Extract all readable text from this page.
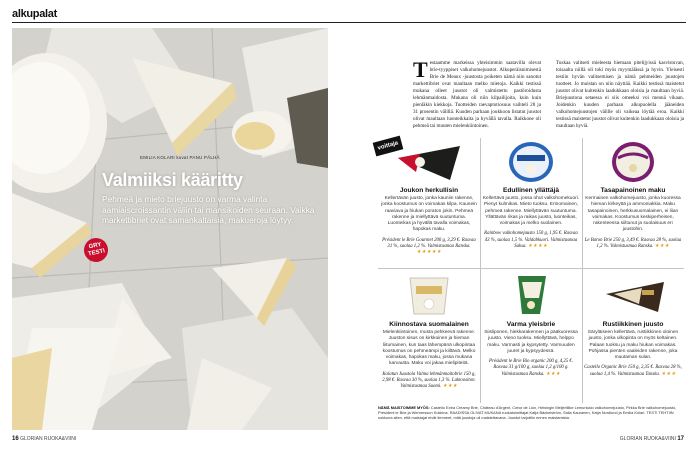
alkupalat
EMILIA KOLARI kuvat PANU PÄLHÄ
Valmiiksi kääritty
Pehmeä ja mieto briejuusto on varma valinta aamiaiscroissantin väliin tai mansikoiden seuraan. Vaikka markettibriet ovat samankaltaisia, makueroja löytyy.
GRY
TESTI
16 GLORIAN RUOKA&VIINI
T estaamme markeissa yhteisimmin saatavilla olevat brie-tyyppiset valkohomejuustot. Alkuperäisnimisestä Brie de Meaux -juustosta poiketen nämä niin sanotut markettibriet ovat maultaan melko mietoja. Kaikki testissä mukana olleet juustot oli valmistettu pastöroidusta lehmänmaidosta. Mukana oli niin kilpailijoita, kuin kuin pienläkin kiekkoja. Tuotteiden raevaptotiosuus vaihteli 28 ja 31 prosentin välillä. Kuuden parhaan joukkoon listatut juustot olivat maultaan luonteikkaita ja hyvällä tavalla. Raikkone oli pehmeä tai muuten mielenkiintoinen.
Tuskaa valitseti mieleesta hiemaan pitelijyissä kasvistuvan, toisaalta niillä oli toki myös myymälässä ja hyvin. Yleisesti testiin hyvän valitsemisen ja nämä pehmeiden juustojen tuotteet. Jo muistan on niin näyttää. Kaikki testissä maistetut juustot olivat kuitenkin laadukkaan oloisia ja maultaan hyviä. Briejuustona setaessa ei siis omeeksi voi mennä vikaan. Joidenkin kuuden parhaan alkupuolella jääneiden valkohomejuustojen välille oli vaikeaa löytää eroa. Kaikki testissä maistetut juustot olivat kuitenkin laadukkaan oloisia ja maultaan hyviä.
voittaja
Joukon herkullisin
Kellertävän juusto, jonka kauniin rakenne, jonka koostumus on voimakas kilpa. Kaunein raaviava ja hiukan poraton jokin. Pehmeä rakenne ja miellyttävä suutuntuma. Luonteikas ja hyvällä tavalla voimakas, hapokas maku.
Président le Brie Gourmet 200 g, 3,29 €. Rasvaa 31 %, suolaa 1,2 %. Valmistusmaa Ranska. ★★★★★
Edullinen yllättäjä
Kellertävä juusto, jossa ohut valkohomekuori. Pienyt kulmikas. Mieto tuoksu. Erinomainen, pehmeä rakenne. Miellyttävän suutuntuma. Yllättävän rikas ja raikas juusto, luonteikas, voimakas ja melko suolainen.
Rainbow valkohomejuusto 150 g, 1,95 €. Rasvaa 43 %, suolaa 1,5 %. Valdabkuori. Valmistusmaa Saksa. ★★★★
Tasapainoinen maku
Kermainen valkohomejuusto, jonka kuoressa hieman kirkeyttä ja ammoniakkia. Maku tasapainoinen, herkkusuomalainen, ei liian voimakas. Koostumus keskiperheisen, rakenteessa siiltunut ja suolaisuus eri juustohin.
Le Baron Brie 250 g, 3,49 €. Rasvaa 28 %, suolaa 1,2 %. Valmistusmaa Ranska. ★★★
Kiinnostava suomalainen
Mielenkiintoinen, musta pehkeevä rakenne. Juuston sisus on kirkkoinen ja hieman liitumainen, kun taas lähempänä ulkopintaa koostumus on pehmeämpi ja kiiltävä. Melko voimakas, hapokas maku, jossa mukana karvautta. Maku voi jakaa mielipiteitä.
Kolatun Juustola Valma lehmänmaitobrie 150 g, 2,98 €. Rasvaa 30 %, suolaa 1,3 %. Laktoositon. Valmistusmaa Suomi. ★★★
Varma yleisbrie
Siisliponen, hiekkarakennen ja pääkuoressa juusto. Vieno tuoksu. Miellyttävä, helppo maku. Varmasti ja kypsytetty. Varmuuden juuret ja kypsyydessä.
Président le Brie Bio organic 200 g, 4,25 €. Rasvaa 31 g/100 g, suolaa 1,2 g/100 g. Valmistusmaa Ranska. ★★★
Rustiikkinen juusto
Säryläiseen kellertävä, rustiikkinen oloinen juusto, jonka ulkopinta on myös keltainen. Palaan tuoksu ja maku hiukan voimakas. Pohjassa pienten vaaleiden rakenne, joka muutaman sulan.
Castello Organic Brie 150 g, 2,35 €. Rasvaa 28 %, suolaa 1,4 %. Valmistusmaa Tanska. ★★★
NÄMÄ MAISTOIMME MYÖS: Castello Extra Creamy Brie, Château d'Argent, Cœur de Lion, Helsingin Meijeriliike Lemunkalo valkohomejuusto, Pirkka Brie valkohomejuusto, Président le Brie ja Wernersson Kokkina. RAADISSA OLIVAT MUKANA ruokatoimittajat Katja Bäckelström, Saila Kauranen, Katja Nordlund ja Emilia Kolari. TESTI TEHTIIN sokkona siten, että maistajat eivät tienneet, mitä juustoja oli maistettavana. Juustot tarjottiin ennen maistamista.
GLORIAN RUOKA&VIINI 17
